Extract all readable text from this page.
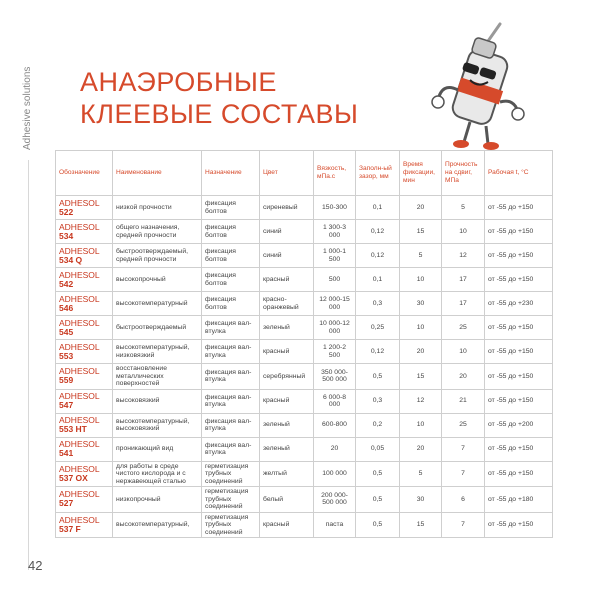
Adhesive solutions АНАЭРОБНЫЕ
КЛЕЕВЫЕ СОСТАВЫ
Обозначение	Наименование	Назначение	Цвет	Вязкость, мПа.с	Заполн-ый зазор, мм	Время фиксации, мин	Прочность на сдвиг, МПа	Рабочая t, °С

ADHESOL
522	низкой прочности	фиксация болтов	сиреневый	150-300	0,1	20	5	от -55 до +150

ADHESOL
534	общего назначения, средней прочности	фиксация болтов	синий	1 300-3 000	0,12	15	10	от -55 до +150

ADHESOL
534 Q	быстроотверждаемый, средней прочности	фиксация болтов	синий	1 000-1 500	0,12	5	12	от -55 до +150

ADHESOL
542	высокопрочный	фиксация болтов	красный	500	0,1	10	17	от -55 до +150

ADHESOL
546	высокотемпературный	фиксация болтов	красно-оранжевый	12 000-15 000	0,3	30	17	от -55 до +230

ADHESOL
545	быстроотверждаемый	фиксация вал-втулка	зеленый	10 000-12 000	0,25	10	25	от -55 до +150

ADHESOL
553	высокотемпературный, низковязкий	фиксация вал-втулка	красный	1 200-2 500	0,12	20	10	от -55 до +150

ADHESOL
559	восстановление металлических поверхностей	фиксация вал-втулка	серебрянный	350 000-500 000	0,5	15	20	от -55 до +150

ADHESOL
547	высоковязкий	фиксация вал-втулка	красный	6 000-8 000	0,3	12	21	от -55 до +150

ADHESOL
553 HT	высокотемпературный, высоковязкий	фиксация вал-втулка	зеленый	600-800	0,2	10	25	от -55 до +200

ADHESOL
541	проникающий вид	фиксация вал-втулка	зеленый	20	0,05	20	7	от -55 до +150

ADHESOL
537 OX	для работы в среде чистого кислорода и с нержавеющей сталью	герметизация трубных соединений	желтый	100 000	0,5	5	7	от -55 до +150

ADHESOL
527	низкопрочный	герметизация трубных соединений	белый	200 000-500 000	0,5	30	6	от -55 до +180

ADHESOL
537 F	высокотемпературный,	герметизация трубных соединений	красный	паста	0,5	15	7	от -55 до +150
42
